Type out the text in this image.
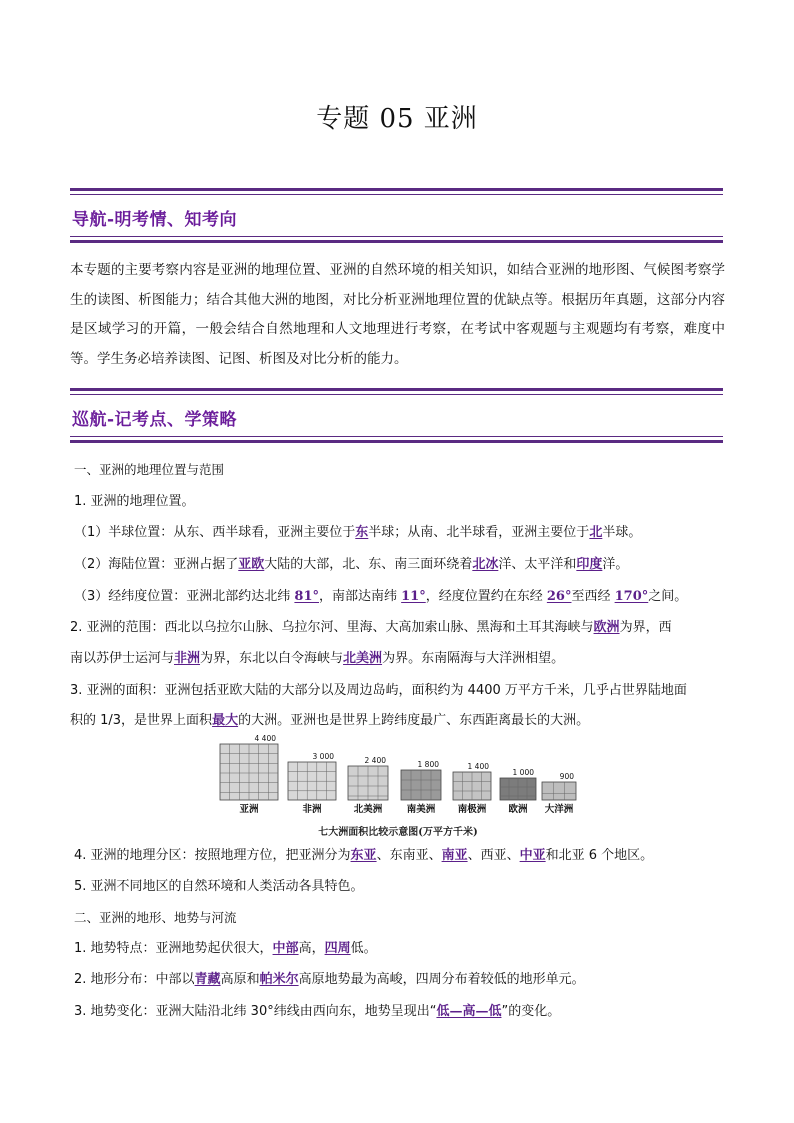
专题 05 亚洲
导航-明考情、知考向
本专题的主要考察内容是亚洲的地理位置、亚洲的自然环境的相关知识，如结合亚洲的地形图、气候图考察学生的读图、析图能力；结合其他大洲的地图，对比分析亚洲地理位置的优缺点等。根据历年真题，这部分内容是区域学习的开篇，一般会结合自然地理和人文地理进行考察，在考试中客观题与主观题均有考察，难度中等。学生务必培养读图、记图、析图及对比分析的能力。
巡航-记考点、学策略
一、亚洲的地理位置与范围
1. 亚洲的地理位置。
（1）半球位置：从东、西半球看，亚洲主要位于东半球；从南、北半球看，亚洲主要位于北半球。
（2）海陆位置：亚洲占据了亚欧大陆的大部，北、东、南三面环绕着北冰洋、太平洋和印度洋。
（3）经纬度位置：亚洲北部约达北纬 81°，南部达南纬 11°，经度位置约在东经 26°至西经 170°之间。
2. 亚洲的范围：西北以乌拉尔山脉、乌拉尔河、里海、大高加索山脉、黑海和土耳其海峡与欧洲为界，西
南以苏伊士运河与非洲为界，东北以白令海峡与北美洲为界。东南隔海与大洋洲相望。
3. 亚洲的面积：亚洲包括亚欧大陆的大部分以及周边岛屿，面积约为 4400 万平方千米，几乎占世界陆地面
积的 1/3，是世界上面积最大的大洲。亚洲也是世界上跨纬度最广、东西距离最长的大洲。
4 400
亚洲
3 000
非洲
2 400
北美洲
1 800
南美洲
1 400
南极洲
1 000
欧洲
900
大洋洲
七大洲面积比较示意图(万平方千米)
4. 亚洲的地理分区：按照地理方位，把亚洲分为东亚、东南亚、南亚、西亚、中亚和北亚 6 个地区。
5. 亚洲不同地区的自然环境和人类活动各具特色。
二、亚洲的地形、地势与河流
1. 地势特点：亚洲地势起伏很大，中部高，四周低。
2. 地形分布：中部以青藏高原和帕米尔高原地势最为高峻，四周分布着较低的地形单元。
3. 地势变化：亚洲大陆沿北纬 30°纬线由西向东，地势呈现出“低—高—低”的变化。
